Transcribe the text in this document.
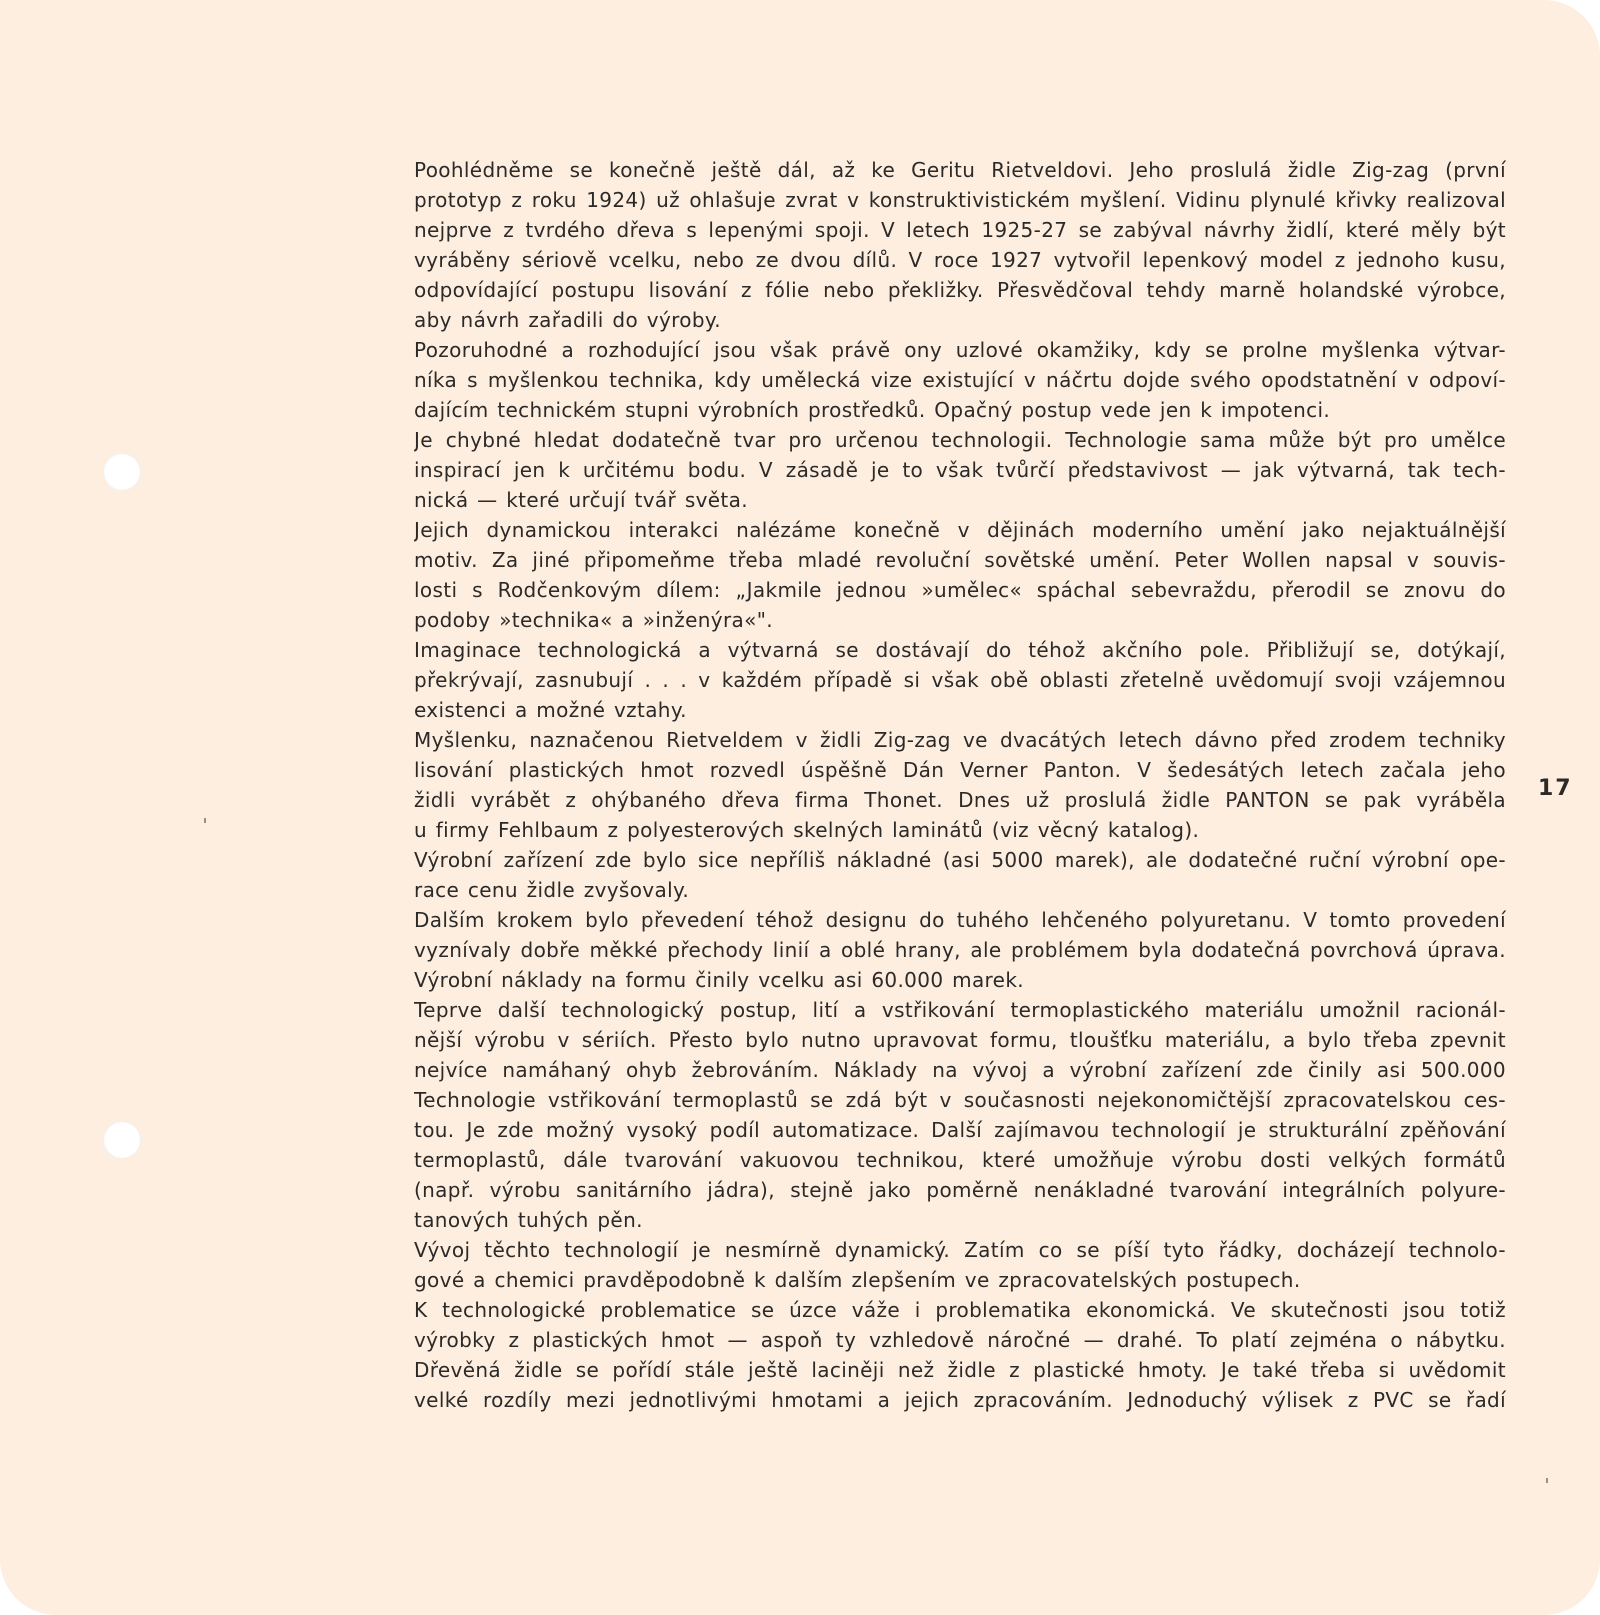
Poohlédněme se konečně ještě dál, až ke Geritu Rietveldovi. Jeho proslulá židle Zig-zag (první
prototyp z roku 1924) už ohlašuje zvrat v konstruktivistickém myšlení. Vidinu plynulé křivky realizoval
nejprve z tvrdého dřeva s lepenými spoji. V letech 1925-27 se zabýval návrhy židlí, které měly být
vyráběny sériově vcelku, nebo ze dvou dílů. V roce 1927 vytvořil lepenkový model z jednoho kusu,
odpovídající postupu lisování z fólie nebo překližky. Přesvědčoval tehdy marně holandské výrobce,
aby návrh zařadili do výroby.
Pozoruhodné a rozhodující jsou však právě ony uzlové okamžiky, kdy se prolne myšlenka výtvar-
níka s myšlenkou technika, kdy umělecká vize existující v náčrtu dojde svého opodstatnění v odpoví-
dajícím technickém stupni výrobních prostředků. Opačný postup vede jen k impotenci.
Je chybné hledat dodatečně tvar pro určenou technologii. Technologie sama může být pro umělce
inspirací jen k určitému bodu. V zásadě je to však tvůrčí představivost — jak výtvarná, tak tech-
nická — které určují tvář světa.
Jejich dynamickou interakci nalézáme konečně v dějinách moderního umění jako nejaktuálnější
motiv. Za jiné připomeňme třeba mladé revoluční sovětské umění. Peter Wollen napsal v souvis-
losti s Rodčenkovým dílem: „Jakmile jednou »umělec« spáchal sebevraždu, přerodil se znovu do
podoby »technika« a »inženýra«".
Imaginace technologická a výtvarná se dostávají do téhož akčního pole. Přibližují se, dotýkají,
překrývají, zasnubují . . . v každém případě si však obě oblasti zřetelně uvědomují svoji vzájemnou
existenci a možné vztahy.
Myšlenku, naznačenou Rietveldem v židli Zig-zag ve dvacátých letech dávno před zrodem techniky
lisování plastických hmot rozvedl úspěšně Dán Verner Panton. V šedesátých letech začala jeho
židli vyrábět z ohýbaného dřeva firma Thonet. Dnes už proslulá židle PANTON se pak vyráběla
u firmy Fehlbaum z polyesterových skelných laminátů (viz věcný katalog).
Výrobní zařízení zde bylo sice nepříliš nákladné (asi 5000 marek), ale dodatečné ruční výrobní ope-
race cenu židle zvyšovaly.
Dalším krokem bylo převedení téhož designu do tuhého lehčeného polyuretanu. V tomto provedení
vyznívaly dobře měkké přechody linií a oblé hrany, ale problémem byla dodatečná povrchová úprava.
Výrobní náklady na formu činily vcelku asi 60.000 marek.
Teprve další technologický postup, lití a vstřikování termoplastického materiálu umožnil racionál-
nější výrobu v sériích. Přesto bylo nutno upravovat formu, tloušťku materiálu, a bylo třeba zpevnit
nejvíce namáhaný ohyb žebrováním. Náklady na vývoj a výrobní zařízení zde činily asi 500.000
Technologie vstřikování termoplastů se zdá být v současnosti nejekonomičtější zpracovatelskou ces-
tou. Je zde možný vysoký podíl automatizace. Další zajímavou technologií je strukturální zpěňování
termoplastů, dále tvarování vakuovou technikou, které umožňuje výrobu dosti velkých formátů
(např. výrobu sanitárního jádra), stejně jako poměrně nenákladné tvarování integrálních polyure-
tanových tuhých pěn.
Vývoj těchto technologií je nesmírně dynamický. Zatím co se píší tyto řádky, docházejí technolo-
gové a chemici pravděpodobně k dalším zlepšením ve zpracovatelských postupech.
K technologické problematice se úzce váže i problematika ekonomická. Ve skutečnosti jsou totiž
výrobky z plastických hmot — aspoň ty vzhledově náročné — drahé. To platí zejména o nábytku.
Dřevěná židle se pořídí stále ještě laciněji než židle z plastické hmoty. Je také třeba si uvědomit
velké rozdíly mezi jednotlivými hmotami a jejich zpracováním. Jednoduchý výlisek z PVC se řadí
17
